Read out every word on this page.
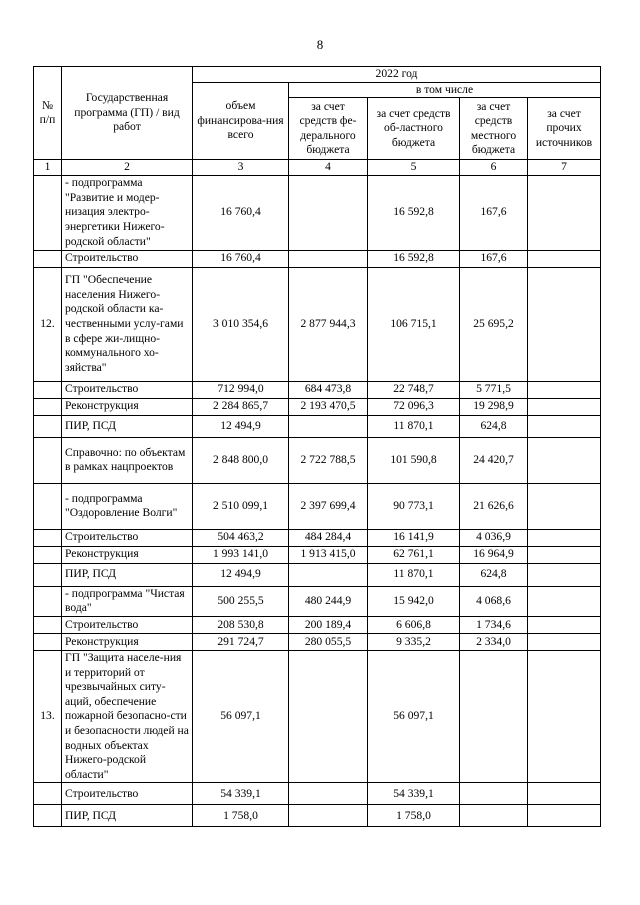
8
№ п/п	Государственная программа (ГП) / вид работ	2022 год				
		объем финансирова-ния всего	в том числе			
			за счет средств фе-дерального бюджета	за счет средств об-ластного бюджета	за счет средств местного бюджета	за счет прочих источников
1	2	3	4	5	6	7
	- подпрограмма "Развитие и модер-низация электро-энергетики Нижего-родской области"	16 760,4		16 592,8	167,6	
	Строительство	16 760,4		16 592,8	167,6	
12.	ГП "Обеспечение населения Нижего-родской области ка-чественными услу-гами в сфере жи-лищно-коммунального хо-зяйства"	3 010 354,6	2 877 944,3	106 715,1	25 695,2	
	Строительство	712 994,0	684 473,8	22 748,7	5 771,5	
	Реконструкция	2 284 865,7	2 193 470,5	72 096,3	19 298,9	
	ПИР, ПСД	12 494,9		11 870,1	624,8	
	Справочно: по объектам в рамках нацпроектов	2 848 800,0	2 722 788,5	101 590,8	24 420,7	
	- подпрограмма "Оздоровление Волги"	2 510 099,1	2 397 699,4	90 773,1	21 626,6	
	Строительство	504 463,2	484 284,4	16 141,9	4 036,9	
	Реконструкция	1 993 141,0	1 913 415,0	62 761,1	16 964,9	
	ПИР, ПСД	12 494,9		11 870,1	624,8	
	- подпрограмма "Чистая вода"	500 255,5	480 244,9	15 942,0	4 068,6	
	Строительство	208 530,8	200 189,4	6 606,8	1 734,6	
	Реконструкция	291 724,7	280 055,5	9 335,2	2 334,0	
13.	ГП "Защита населе-ния и территорий от чрезвычайных ситу-аций, обеспечение пожарной безопасно-сти и безопасности людей на водных объектах Нижего-родской области"	56 097,1		56 097,1		
	Строительство	54 339,1		54 339,1		
	ПИР, ПСД	1 758,0		1 758,0		
